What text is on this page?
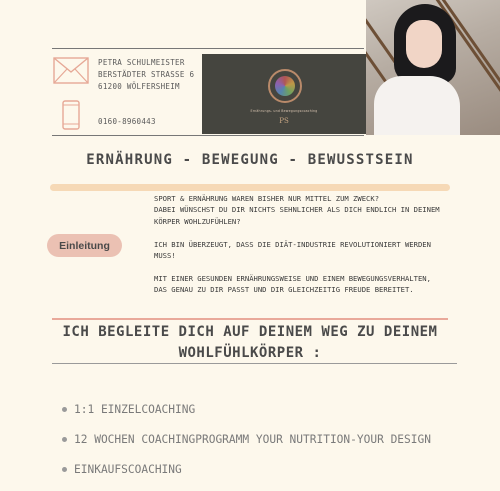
PETRA SCHULMEISTER
BERSTÄDTER STRASSE 6
61200 WÖLFERSHEIM
0160-8960443
Ernährungs- und Bewegungscoaching
PS
ERNÄHRUNG - BEWEGUNG - BEWUSSTSEIN
Einleitung

SPORT & ERNÄHRUNG WAREN BISHER NUR MITTEL ZUM ZWECK?
DABEI WÜNSCHST DU DIR NICHTS SEHNLICHER ALS DICH ENDLICH IN DEINEM
KÖRPER WOHLZUFÜHLEN?

ICH BIN ÜBERZEUGT, DASS DIE DIÄT-INDUSTRIE REVOLUTIONIERT WERDEN MUSS!

MIT EINER GESUNDEN ERNÄHRUNGSWEISE UND EINEM BEWEGUNGSVERHALTEN,
DAS GENAU ZU DIR PASST UND DIR GLEICHZEITIG FREUDE BEREITET.

ICH BEGLEITE DICH AUF DEINEM WEG ZU DEINEM
WOHLFÜHLKÖRPER :
1:1 EINZELCOACHING
12 WOCHEN COACHINGPROGRAMM YOUR NUTRITION-YOUR DESIGN
EINKAUFSCOACHING
